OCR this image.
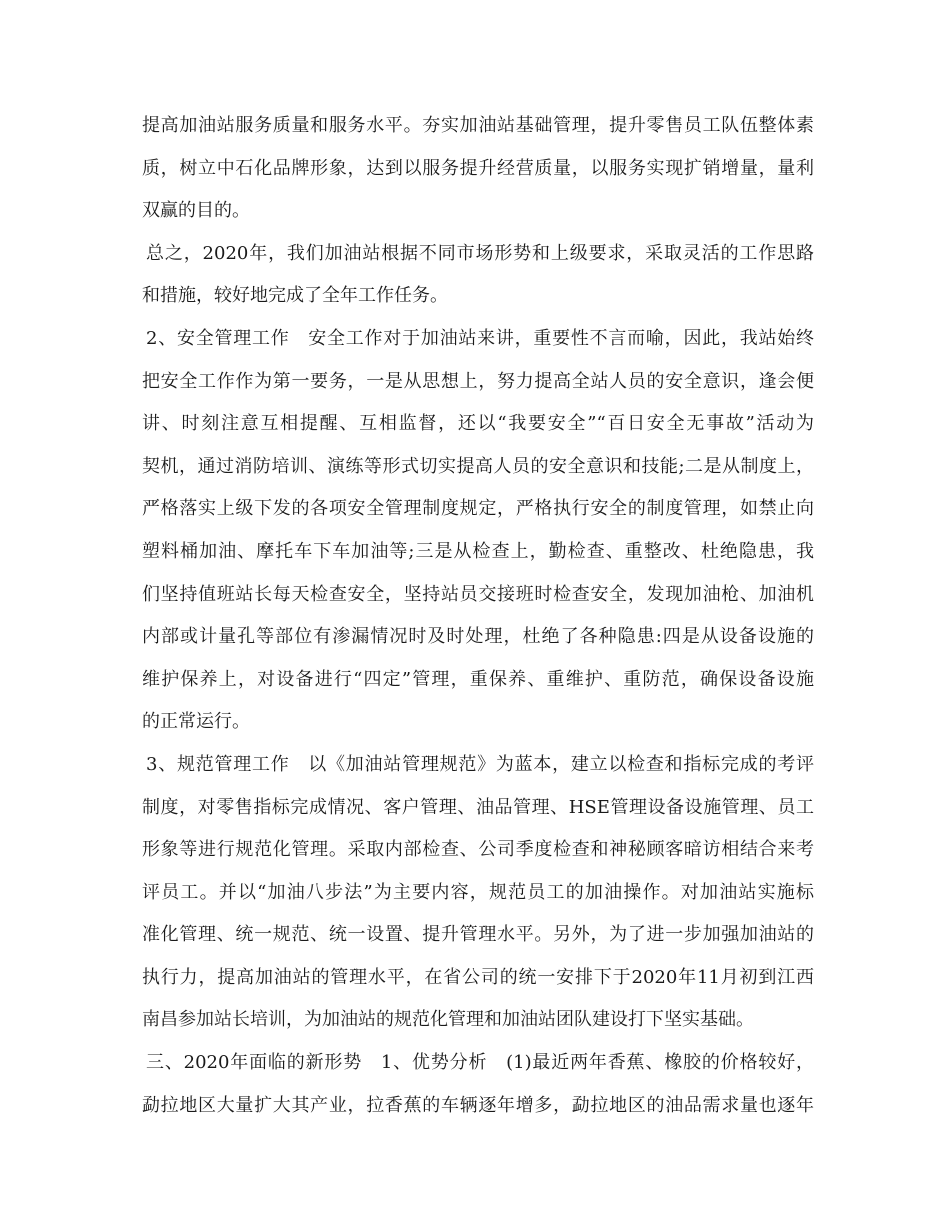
提高加油站服务质量和服务水平。夯实加油站基础管理，提升零售员工队伍整体素
质，树立中石化品牌形象，达到以服务提升经营质量，以服务实现扩销增量，量利
双赢的目的。
总之，2020年，我们加油站根据不同市场形势和上级要求，采取灵活的工作思路
和措施，较好地完成了全年工作任务。
2、安全管理工作　安全工作对于加油站来讲，重要性不言而喻，因此，我站始终
把安全工作作为第一要务，一是从思想上，努力提高全站人员的安全意识，逢会便
讲、时刻注意互相提醒、互相监督，还以“我要安全”“百日安全无事故”活动为
契机，通过消防培训、演练等形式切实提高人员的安全意识和技能;二是从制度上，
严格落实上级下发的各项安全管理制度规定，严格执行安全的制度管理，如禁止向
塑料桶加油、摩托车下车加油等;三是从检查上，勤检查、重整改、杜绝隐患，我
们坚持值班站长每天检查安全，坚持站员交接班时检查安全，发现加油枪、加油机
内部或计量孔等部位有渗漏情况时及时处理，杜绝了各种隐患:四是从设备设施的
维护保养上，对设备进行“四定”管理，重保养、重维护、重防范，确保设备设施
的正常运行。
3、规范管理工作　以《加油站管理规范》为蓝本，建立以检查和指标完成的考评
制度，对零售指标完成情况、客户管理、油品管理、HSE管理设备设施管理、员工
形象等进行规范化管理。采取内部检查、公司季度检查和神秘顾客暗访相结合来考
评员工。并以“加油八步法”为主要内容，规范员工的加油操作。对加油站实施标
准化管理、统一规范、统一设置、提升管理水平。另外，为了进一步加强加油站的
执行力，提高加油站的管理水平，在省公司的统一安排下于2020年11月初到江西
南昌参加站长培训，为加油站的规范化管理和加油站团队建设打下坚实基础。
三、2020年面临的新形势　1、优势分析　(1)最近两年香蕉、橡胶的价格较好，
勐拉地区大量扩大其产业，拉香蕉的车辆逐年增多，勐拉地区的油品需求量也逐年
